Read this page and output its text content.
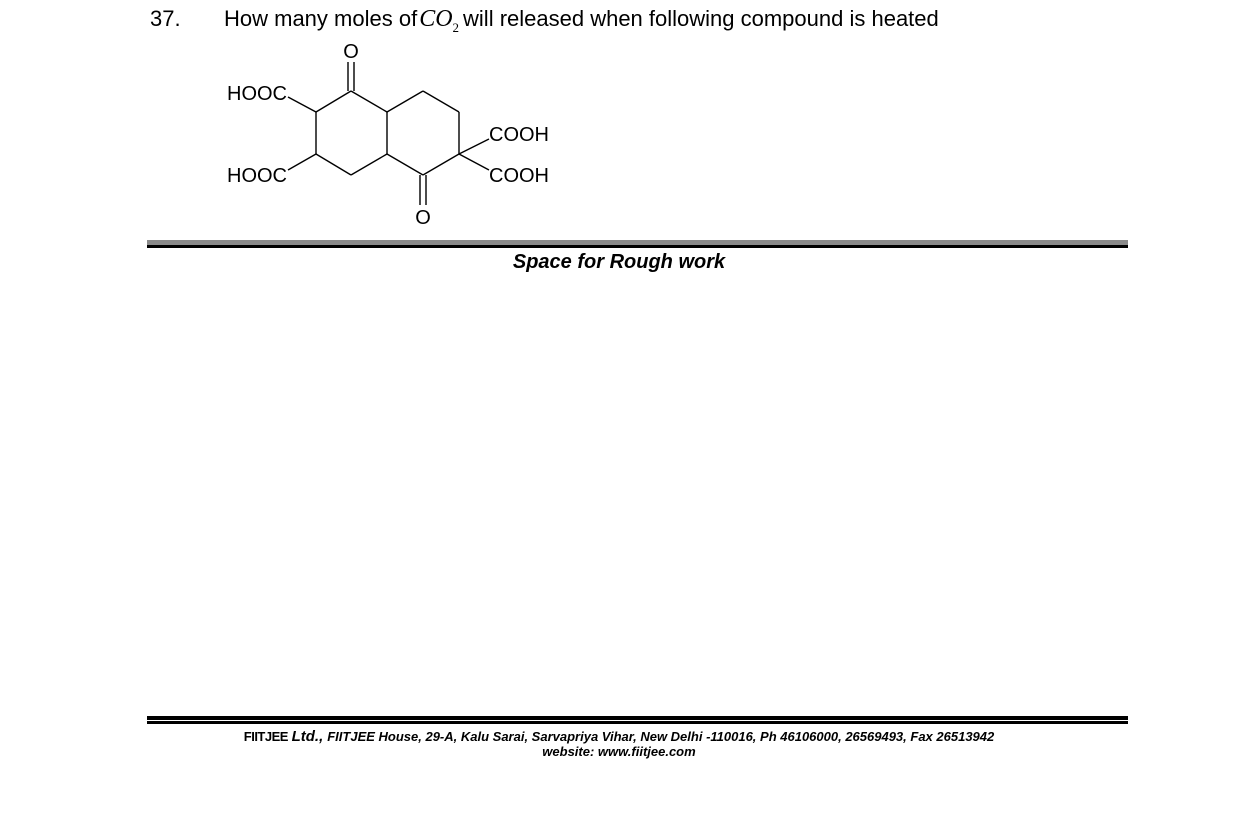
37. How many moles ofCO$_2$ will released when following compound is heated
O
O
HOOC
HOOC
COOH
COOH
Space for Rough work
FIITJEE Ltd., FIITJEE House, 29-A, Kalu Sarai, Sarvapriya Vihar, New Delhi -110016, Ph 46106000, 26569493, Fax 26513942
website: www.fiitjee.com
